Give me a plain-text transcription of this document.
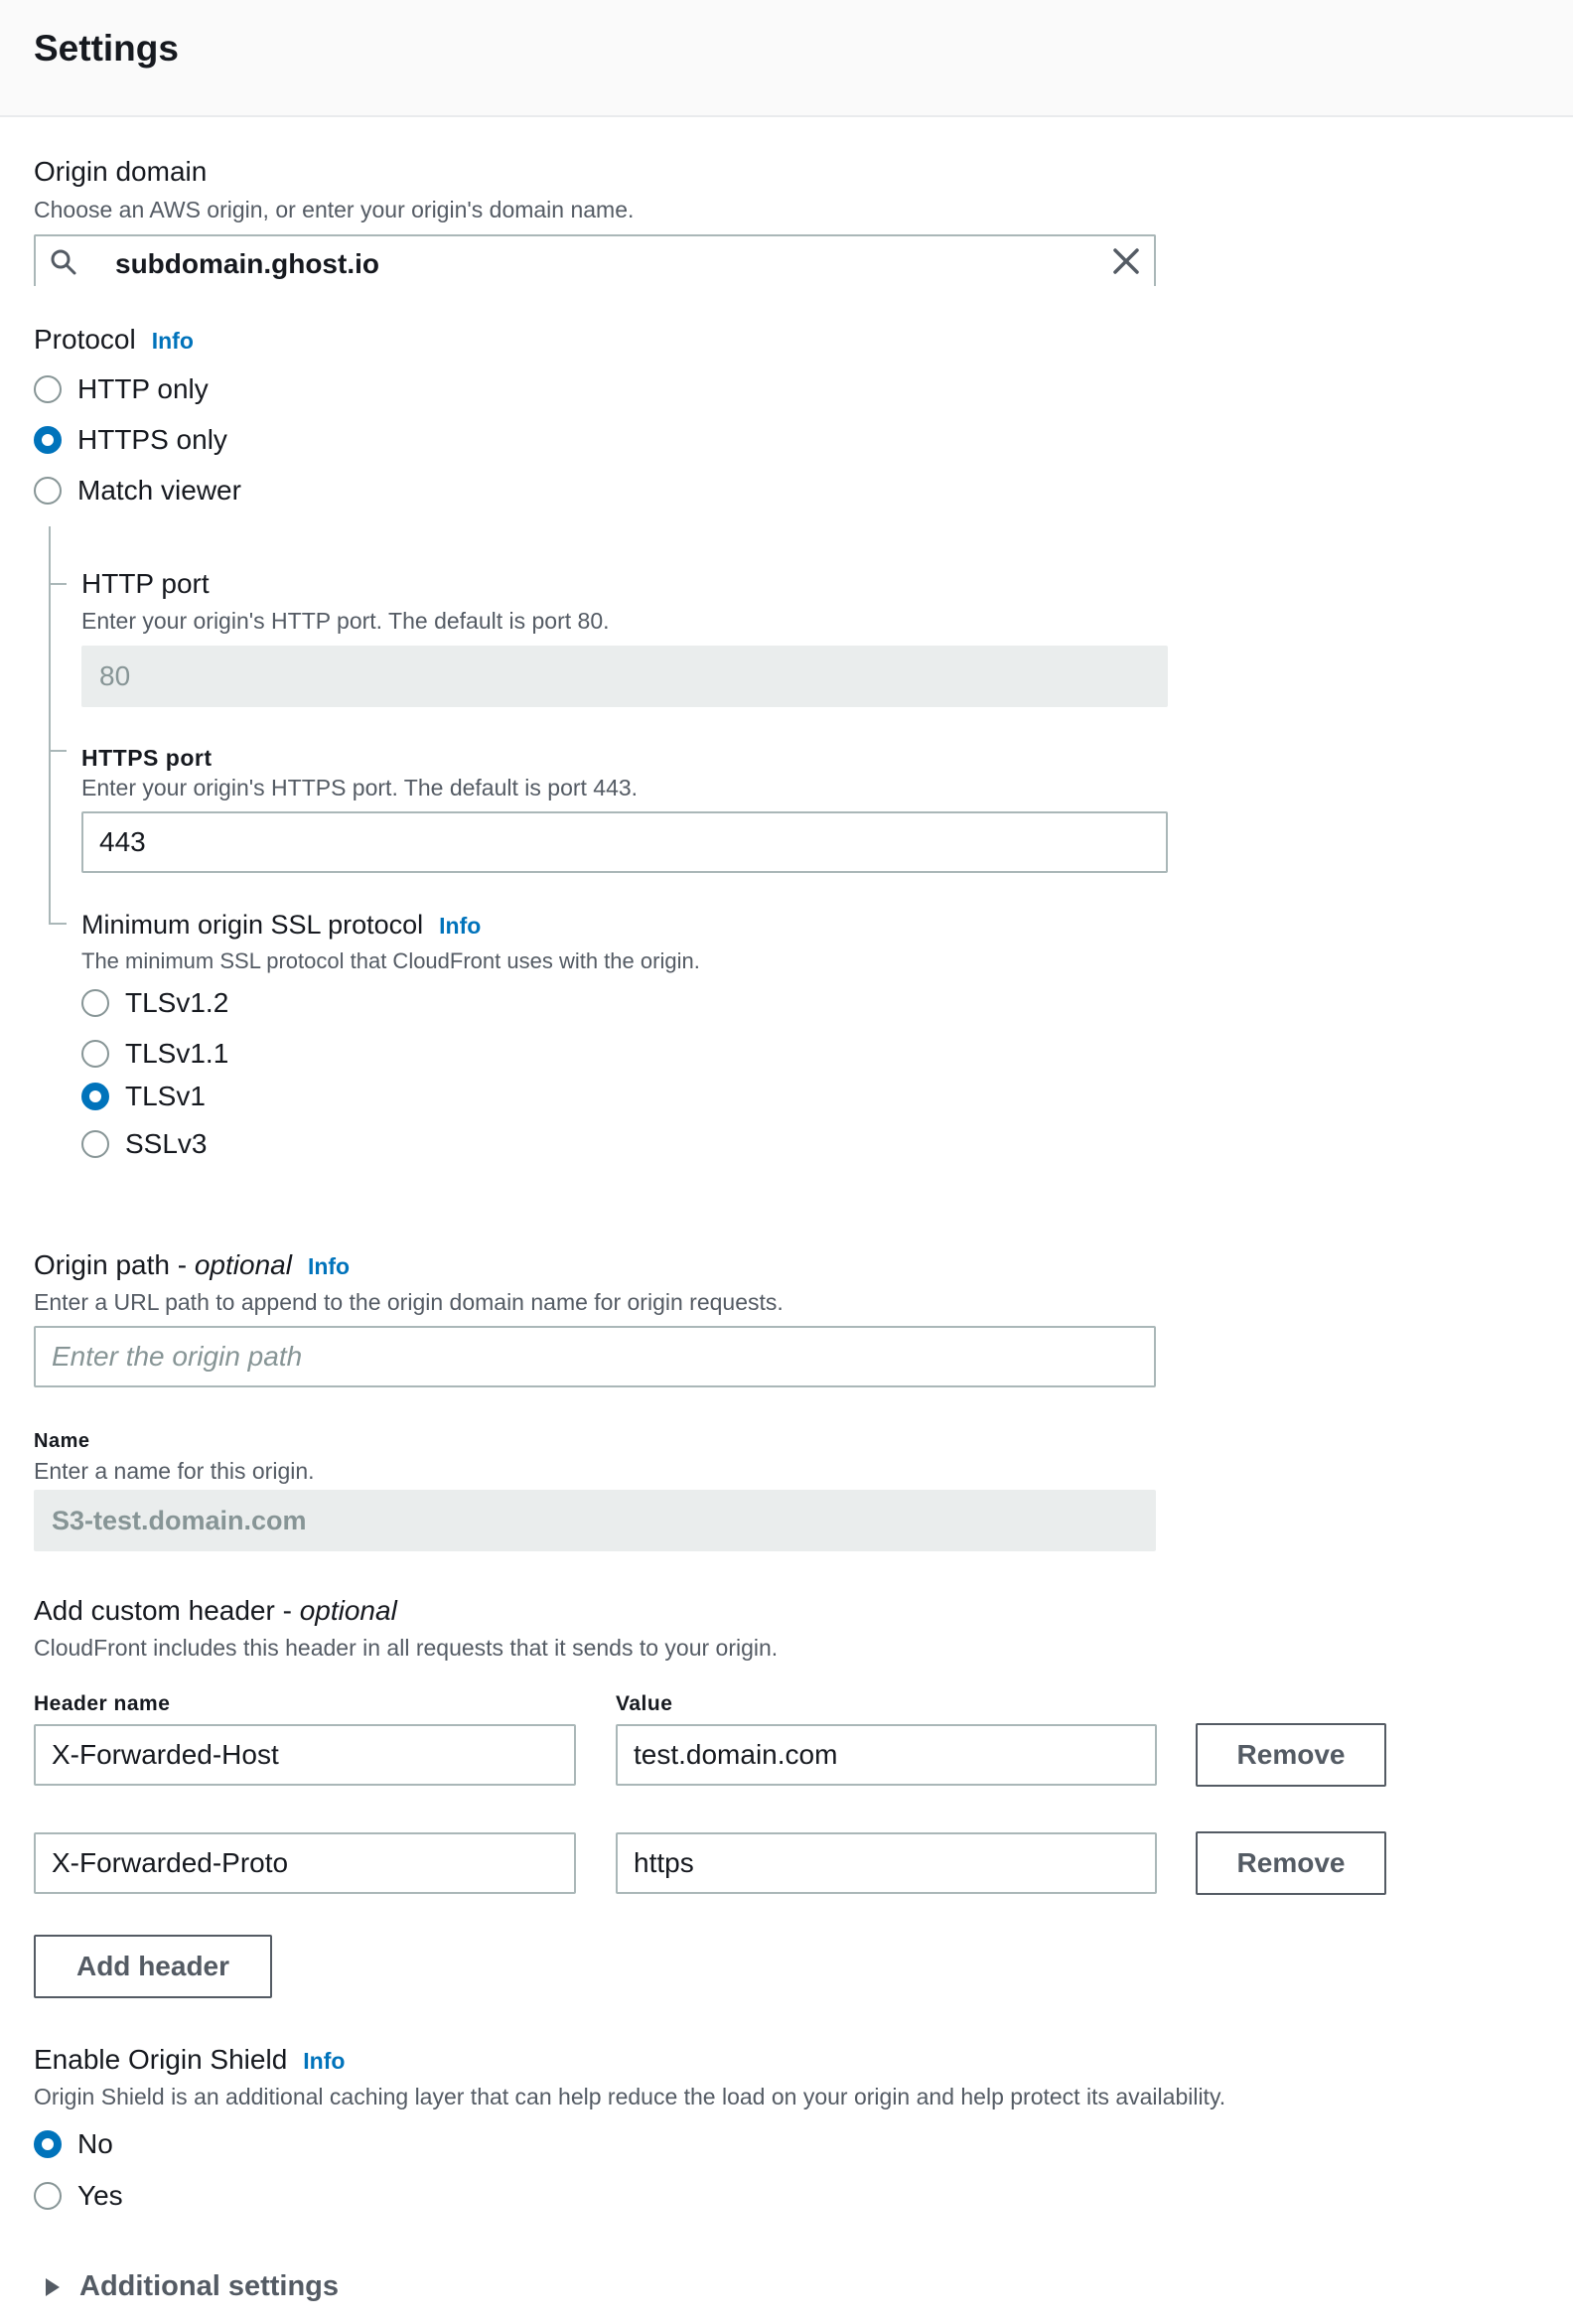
Settings
Origin domain
Choose an AWS origin, or enter your origin's domain name.
subdomain.ghost.io
Protocol Info
HTTP only
HTTPS only
Match viewer
HTTP port
Enter your origin's HTTP port. The default is port 80.
80
HTTPS port
Enter your origin's HTTPS port. The default is port 443.
443
Minimum origin SSL protocol Info
The minimum SSL protocol that CloudFront uses with the origin.
TLSv1.2
TLSv1.1
TLSv1
SSLv3
Origin path - optional Info
Enter a URL path to append to the origin domain name for origin requests.
Enter the origin path
Name
Enter a name for this origin.
S3-test.domain.com
Add custom header - optional
CloudFront includes this header in all requests that it sends to your origin.
Header name	Value
X-Forwarded-Host	test.domain.com	Remove
X-Forwarded-Proto	https	Remove
Add header
Enable Origin Shield Info
Origin Shield is an additional caching layer that can help reduce the load on your origin and help protect its availability.
No
Yes
Additional settings
